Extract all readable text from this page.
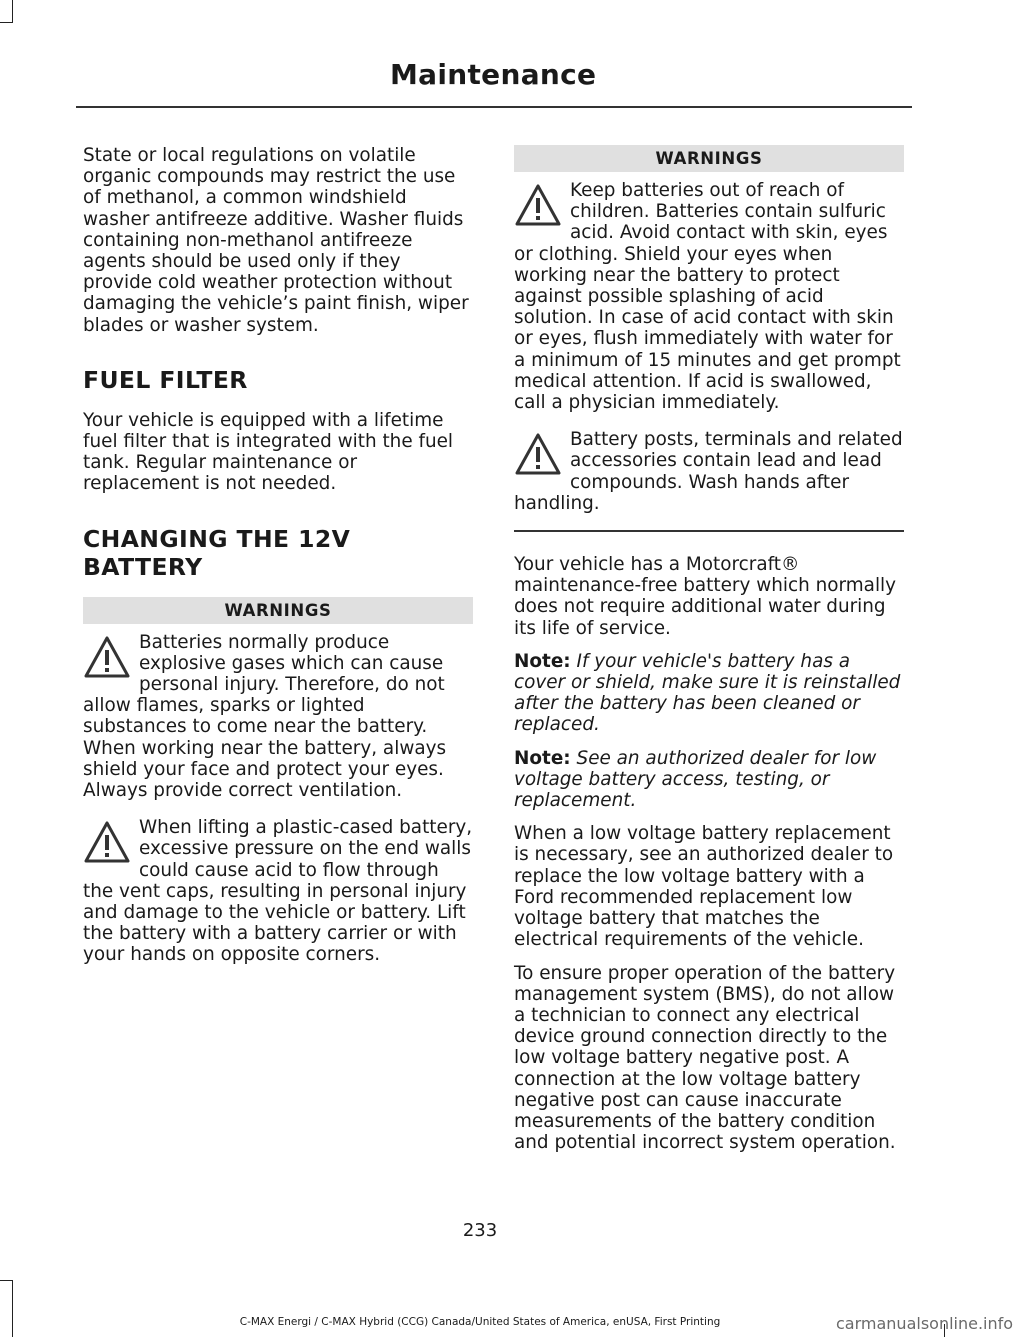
Maintenance

State or local regulations on volatile organic compounds may restrict the use of methanol, a common windshield washer antifreeze additive. Washer fluids containing non-methanol antifreeze agents should be used only if they provide cold weather protection without damaging the vehicle’s paint finish, wiper blades or washer system.

FUEL FILTER

Your vehicle is equipped with a lifetime fuel filter that is integrated with the fuel tank. Regular maintenance or replacement is not needed.

CHANGING THE 12V BATTERY
WARNINGS
Batteries normally produce explosive gases which can cause personal injury. Therefore, do not allow flames, sparks or lighted substances to come near the battery. When working near the battery, always shield your face and protect your eyes. Always provide correct ventilation.
When lifting a plastic-cased battery, excessive pressure on the end walls could cause acid to flow through the vent caps, resulting in personal injury and damage to the vehicle or battery. Lift the battery with a battery carrier or with your hands on opposite corners.
WARNINGS
Keep batteries out of reach of children. Batteries contain sulfuric acid. Avoid contact with skin, eyes or clothing. Shield your eyes when working near the battery to protect against possible splashing of acid solution. In case of acid contact with skin or eyes, flush immediately with water for a minimum of 15 minutes and get prompt medical attention. If acid is swallowed, call a physician immediately.
Battery posts, terminals and related accessories contain lead and lead compounds. Wash hands after handling.

Your vehicle has a Motorcraft® maintenance-free battery which normally does not require additional water during its life of service.

Note: If your vehicle's battery has a cover or shield, make sure it is reinstalled after the battery has been cleaned or replaced.

Note: See an authorized dealer for low voltage battery access, testing, or replacement.

When a low voltage battery replacement is necessary, see an authorized dealer to replace the low voltage battery with a Ford recommended replacement low voltage battery that matches the electrical requirements of the vehicle.

To ensure proper operation of the battery management system (BMS), do not allow a technician to connect any electrical device ground connection directly to the low voltage battery negative post. A connection at the low voltage battery negative post can cause inaccurate measurements of the battery condition and potential incorrect system operation.

233
C-MAX Energi / C-MAX Hybrid (CCG) Canada/United States of America, enUSA, First Printing	carmanualsonline.info
